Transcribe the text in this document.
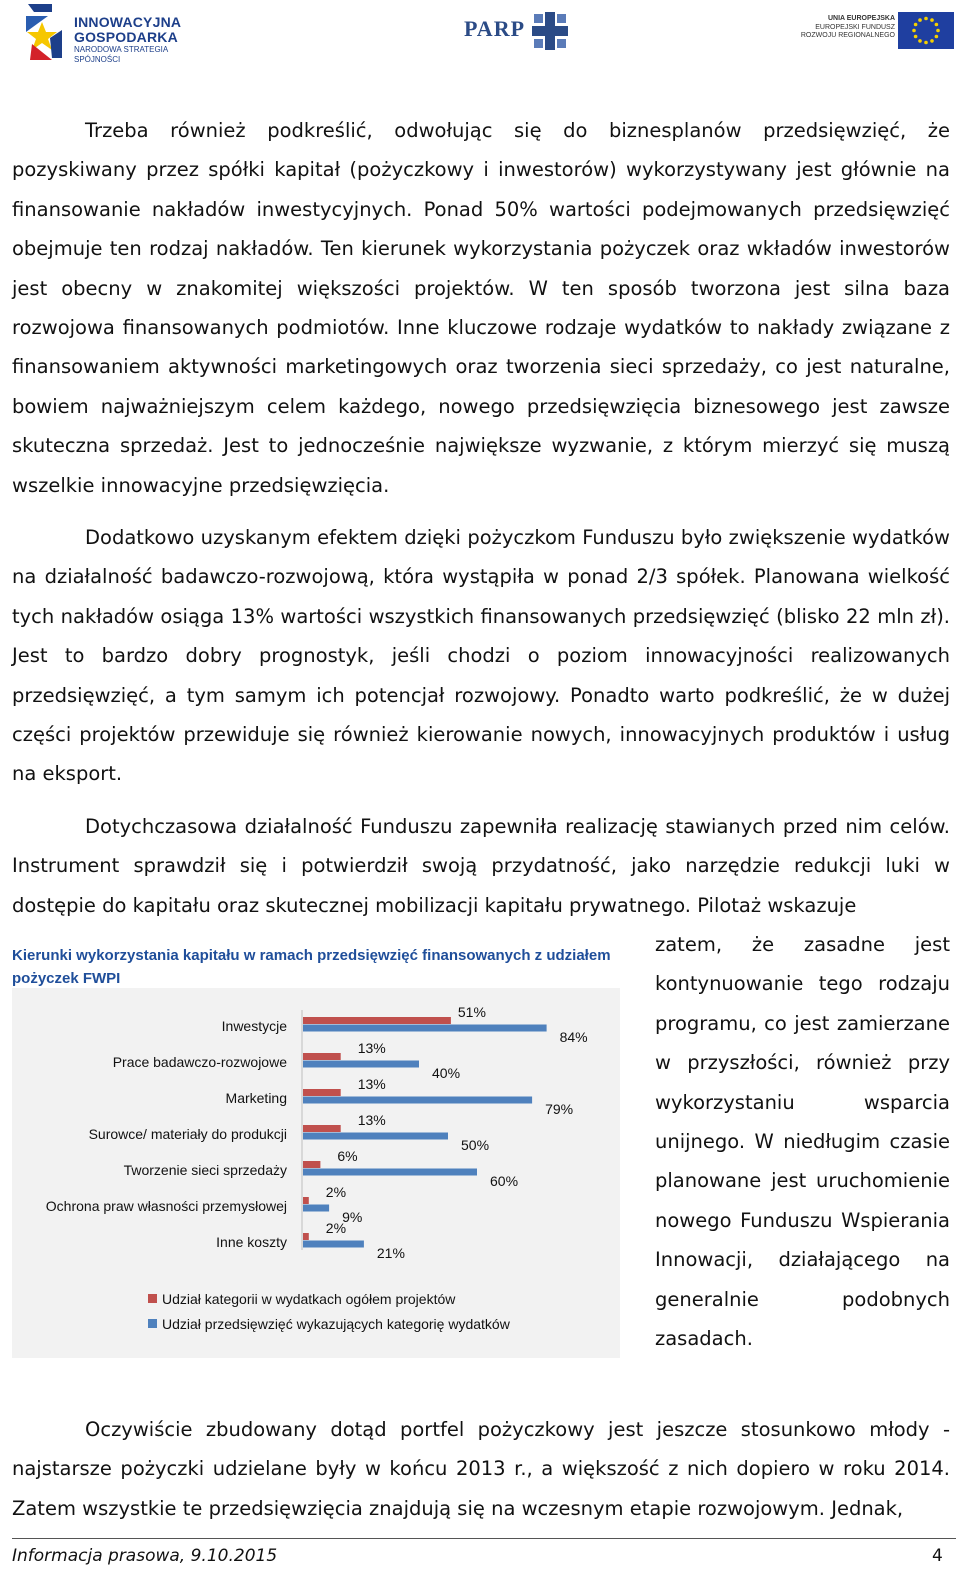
INNOWACYJNA
GOSPODARKA
NARODOWA STRATEGIA SPÓJNOŚCI
PARP	UNIA EUROPEJSKA
EUROPEJSKI FUNDUSZ
ROZWOJU REGIONALNEGO

Trzeba również podkreślić, odwołując się do biznesplanów przedsięwzięć, że pozyskiwany przez spółki kapitał (pożyczkowy i inwestorów) wykorzystywany jest głównie na finansowanie nakładów inwestycyjnych. Ponad 50% wartości podejmowanych przedsięwzięć obejmuje ten rodzaj nakładów. Ten kierunek wykorzystania pożyczek oraz wkładów inwestorów jest obecny w znakomitej większości projektów. W ten sposób tworzona jest silna baza rozwojowa finansowanych podmiotów. Inne kluczowe rodzaje wydatków to nakłady związane z finansowaniem aktywności marketingowych oraz tworzenia sieci sprzedaży, co jest naturalne, bowiem najważniejszym celem każdego, nowego przedsięwzięcia biznesowego jest zawsze skuteczna sprzedaż. Jest to jednocześnie największe wyzwanie, z którym mierzyć się muszą wszelkie innowacyjne przedsięwzięcia.

Dodatkowo uzyskanym efektem dzięki pożyczkom Funduszu było zwiększenie wydatków na działalność badawczo-rozwojową, która wystąpiła w ponad 2/3 spółek. Planowana wielkość tych nakładów osiąga 13% wartości wszystkich finansowanych przedsięwzięć (blisko 22 mln zł). Jest to bardzo dobry prognostyk, jeśli chodzi o poziom innowacyjności realizowanych przedsięwzięć, a tym samym ich potencjał rozwojowy. Ponadto warto podkreślić, że w dużej części projektów przewiduje się również kierowanie nowych, innowacyjnych produktów i usług na eksport.

Dotychczasowa działalność Funduszu zapewniła realizację stawianych przed nim celów. Instrument sprawdził się i potwierdził swoją przydatność, jako narzędzie redukcji luki w dostępie do kapitału oraz skutecznej mobilizacji kapitału prywatnego. Pilotaż wskazuje

zatem, że zasadne jest kontynuowanie tego rodzaju programu, co jest zamierzane w przyszłości, również przy wykorzystaniu wsparcia unijnego. W niedługim czasie planowane jest uruchomienie nowego Funduszu Wspierania Innowacji, działającego na generalnie podobnych zasadach.

Oczywiście zbudowany dotąd portfel pożyczkowy jest jeszcze stosunkowo młody - najstarsze pożyczki udzielane były w końcu 2013 r., a większość z nich dopiero w roku 2014. Zatem wszystkie te przedsięwzięcia znajdują się na wczesnym etapie rozwojowym. Jednak,

Kierunki wykorzystania kapitału w ramach przedsięwzięć finansowanych z udziałem pożyczek FWPI
Inwestycje
51%
84%
Prace badawczo-rozwojowe
13%
40%
Marketing
13%
79%
Surowce/ materiały do produkcji
13%
50%
Tworzenie sieci sprzedaży
6%
60%
Ochrona praw własności przemysłowej
2%
9%
Inne koszty
2%
21%
Udział kategorii w wydatkach ogółem projektów
Udział przedsięwzięć wykazujących kategorię wydatków
Informacja prasowa, 9.10.2015	4
